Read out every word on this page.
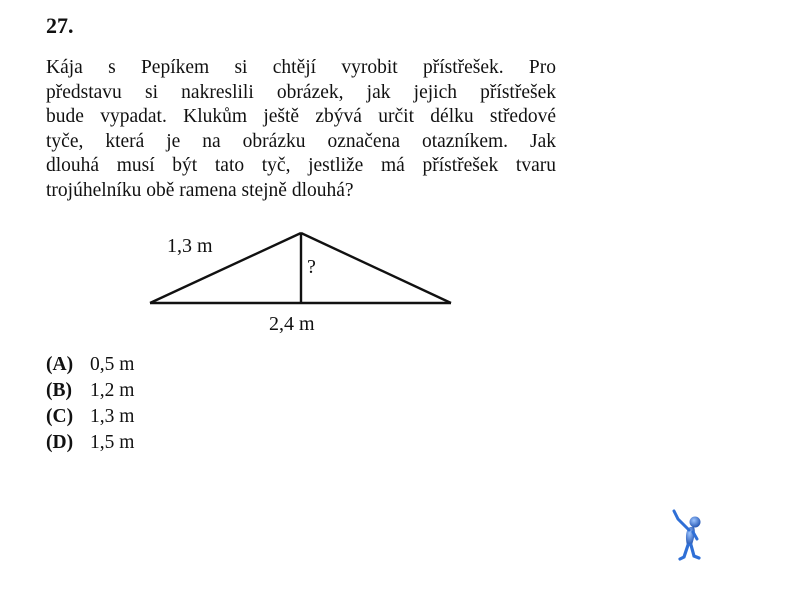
27.

Kája s Pepíkem si chtějí vyrobit přístřešek. Pro
představu si nakreslili obrázek, jak jejich přístřešek
bude vypadat. Klukům ještě zbývá určit délku středové
tyče, která je na obrázku označena otazníkem. Jak
dlouhá musí být tato tyč, jestliže má přístřešek tvaru
trojúhelníku obě ramena stejně dlouhá?

1,3 m
?
2,4 m
(A) 0,5 m
(B) 1,2 m
(C) 1,3 m
(D) 1,5 m
